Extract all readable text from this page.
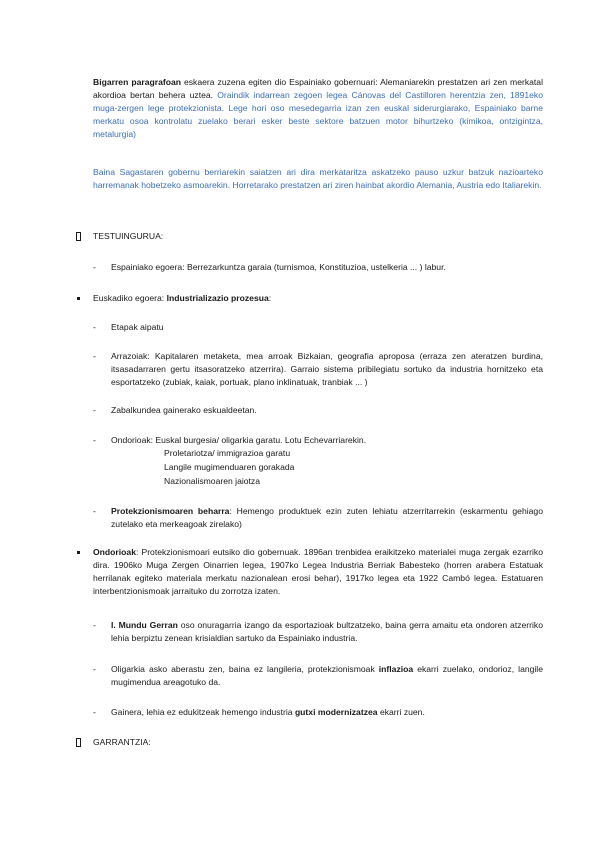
Bigarren paragrafoan eskaera zuzena egiten dio Espainiako gobernuari: Alemaniarekin prestatzen ari zen merkatal akordioa bertan behera uztea. Oraindik indarrean zegoen legea Cánovas del Castilloren herentzia zen, 1891eko muga-zergen lege protekzionista. Lege hori oso mesedegarria izan zen euskal siderurgiarako, Espainiako barne merkatu osoa kontrolatu zuelako berari esker beste sektore batzuen motor bihurtzeko (kimikoa, ontzigintza, metalurgia)
Baina Sagastaren gobernu berriarekin saiatzen ari dira merkataritza askatzeko pauso uzkur batzuk nazioarteko harremanak hobetzeko asmoarekin. Horretarako prestatzen ari ziren hainbat akordio Alemania, Austria edo Italiarekin.
TESTUINGURUA:
- Espainiako egoera: Berrezarkuntza garaia (turnismoa, Konstituzioa, ustelkeria ... ) labur.
Euskadiko egoera: Industrializazio prozesua:
- Etapak aipatu
- Arrazoiak: Kapitalaren metaketa, mea arroak Bizkaian, geografia aproposa (erraza zen ateratzen burdina, itsasadarraren gertu itsasoratzeko atzerrira). Garraio sistema pribilegiatu sortuko da industria hornitzeko eta esportatzeko (zubiak, kaiak, portuak, plano inklinatuak, tranbiak ... )
- Zabalkundea gainerako eskualdeetan.
- Ondorioak: Euskal burgesia/ oligarkia garatu. Lotu Echevarriarekin.
Proletariotza/ immigrazioa garatu
Langile mugimenduaren gorakada
Nazionalismoaren jaiotza
- Protekzionismoaren beharra: Hemengo produktuek ezin zuten lehiatu atzerritarrekin (eskarmentu gehiago zutelako eta merkeagoak zirelako)
Ondorioak: Protekzionismoari eutsiko dio gobernuak. 1896an trenbidea eraikitzeko materialei muga zergak ezarriko dira. 1906ko Muga Zergen Oinarrien legea, 1907ko Legea Industria Berriak Babesteko (horren arabera Estatuak herrilanak egiteko materiala merkatu nazionalean erosi behar), 1917ko legea eta 1922 Cambó legea. Estatuaren interbentzionismoak jarraituko du zorrotza izaten.
- I. Mundu Gerran oso onuragarria izango da esportazioak bultzatzeko, baina gerra amaitu eta ondoren atzerriko lehia berpiztu zenean krisialdian sartuko da Espainiako industria.
- Oligarkia asko aberastu zen, baina ez langileria, protekzionismoak inflazioa ekarri zuelako, ondorioz, langile mugimendua areagotuko da.
- Gainera, lehia ez edukitzeak hemengo industria gutxi modernizatzea ekarri zuen.
GARRANTZIA:
